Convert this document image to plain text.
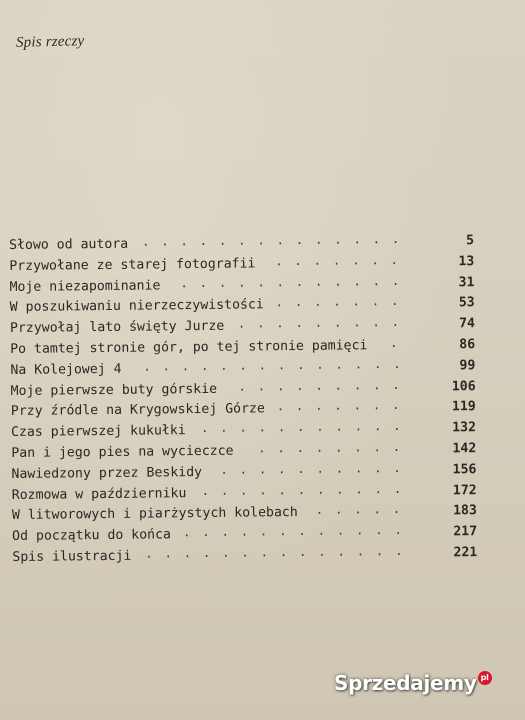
Spis rzeczy
Słowo od autora ..............	5
Przywołane ze starej fotografii .......	13
Moje niezapominanie ............	31
W poszukiwaniu nierzeczywistości .......	53
Przywołaj lato święty Jurze .........	74
Po tamtej stronie gór, po tej stronie pamięci .	86
Na Kolejowej 4 ..............	99
Moje pierwsze buty górskie .........	106
Przy źródle na Krygowskiej Górze .......	119
Czas pierwszej kukułki ...........	132
Pan i jego pies na wycieczce ........	142
Nawiedzony przez Beskidy ..........	156
Rozmowa w październiku ...........	172
W litworowych i piarżystych kolebach .....	183
Od początku do końca ............	217
Spis ilustracji ..............	221
Sprzedajemy pl
